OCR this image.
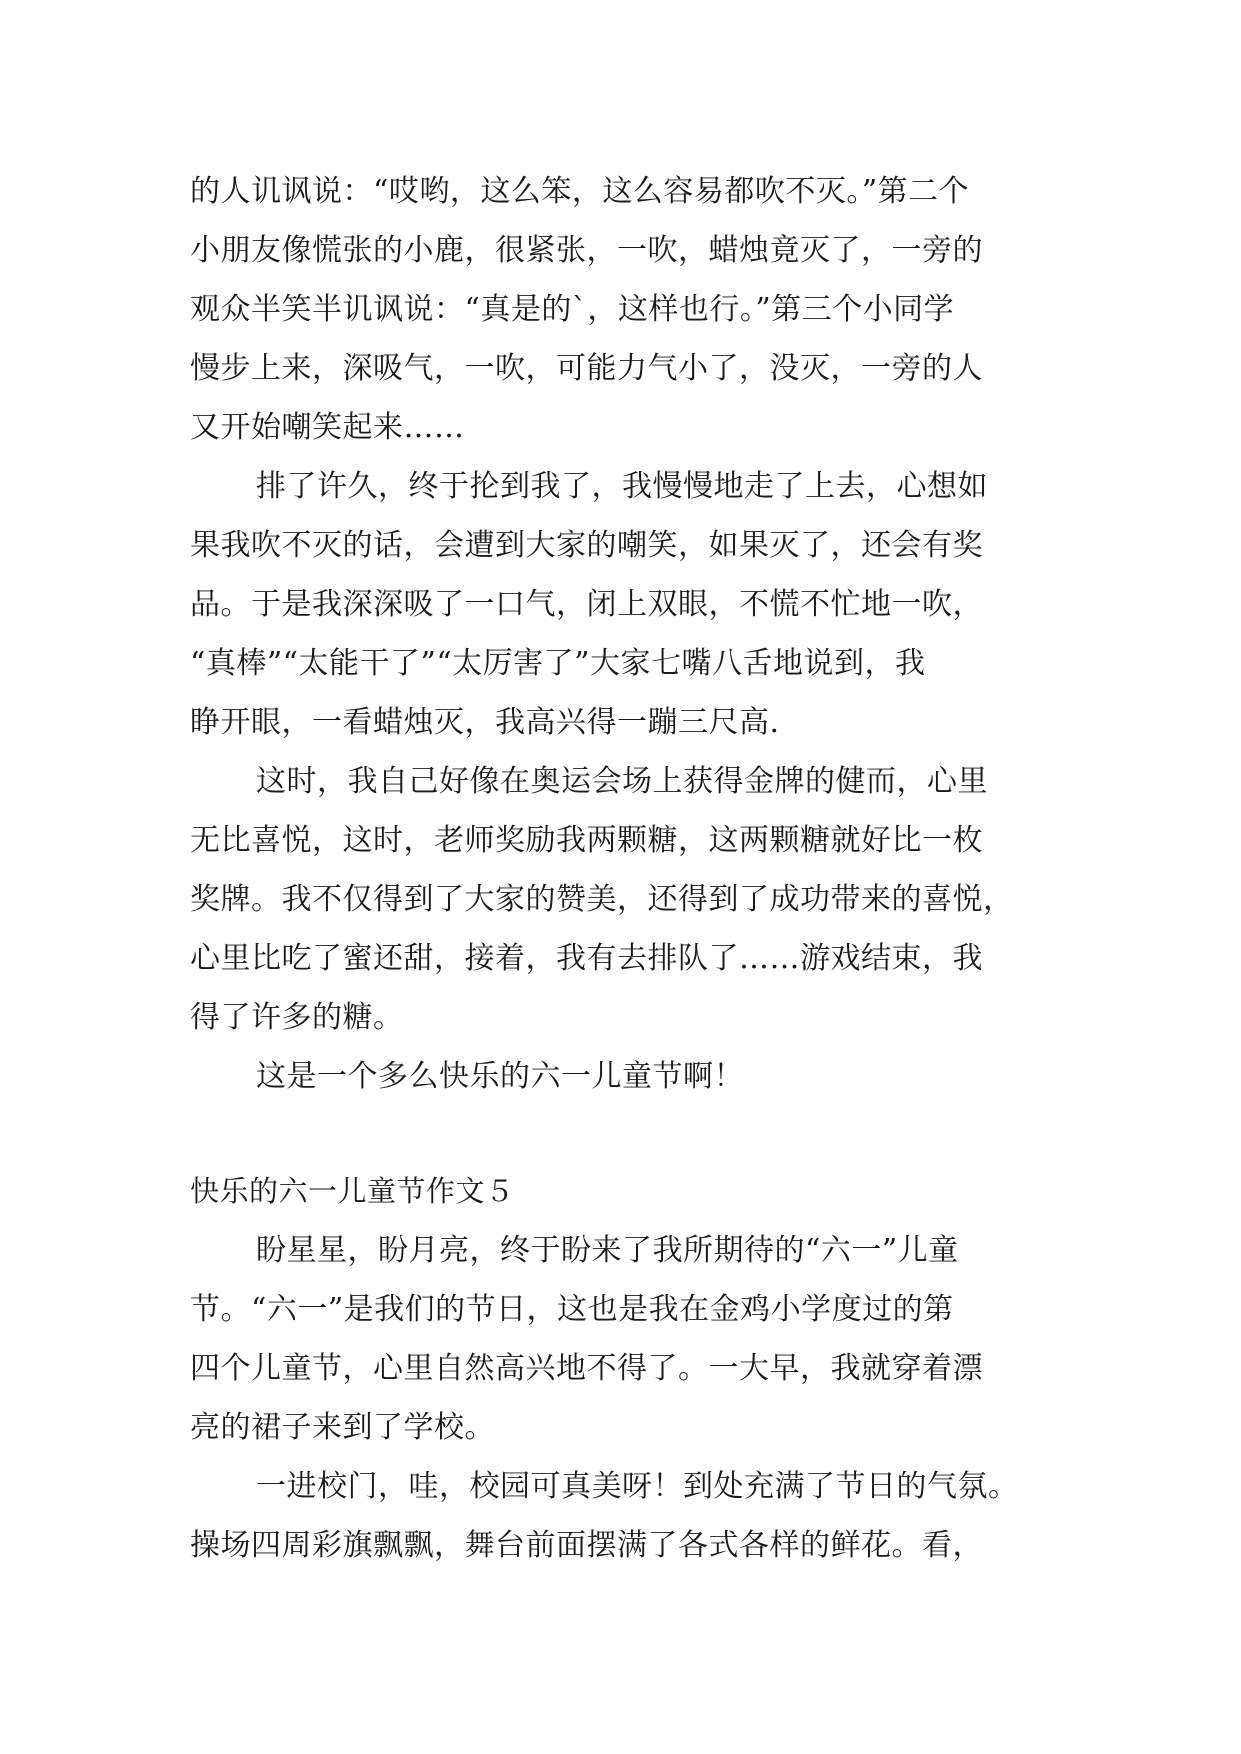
的人讥讽说：“哎哟，这么笨，这么容易都吹不灭。”第二个
小朋友像慌张的小鹿，很紧张，一吹，蜡烛竟灭了，一旁的
观众半笑半讥讽说：“真是的`，这样也行。”第三个小同学
慢步上来，深吸气，一吹，可能力气小了，没灭，一旁的人
又开始嘲笑起来……
排了许久，终于抡到我了，我慢慢地走了上去，心想如
果我吹不灭的话，会遭到大家的嘲笑，如果灭了，还会有奖
品。于是我深深吸了一口气，闭上双眼，不慌不忙地一吹，
“真棒”“太能干了”“太厉害了”大家七嘴八舌地说到，我
睁开眼，一看蜡烛灭，我高兴得一蹦三尺高.
这时，我自己好像在奥运会场上获得金牌的健而，心里
无比喜悦，这时，老师奖励我两颗糖，这两颗糖就好比一枚
奖牌。我不仅得到了大家的赞美，还得到了成功带来的喜悦，
心里比吃了蜜还甜，接着，我有去排队了……游戏结束，我
得了许多的糖。
这是一个多么快乐的六一儿童节啊！
快乐的六一儿童节作文５
盼星星，盼月亮，终于盼来了我所期待的“六一”儿童
节。“六一”是我们的节日，这也是我在金鸡小学度过的第
四个儿童节，心里自然高兴地不得了。一大早，我就穿着漂
亮的裙子来到了学校。
一进校门，哇，校园可真美呀！到处充满了节日的气氛。
操场四周彩旗飘飘，舞台前面摆满了各式各样的鲜花。看，
